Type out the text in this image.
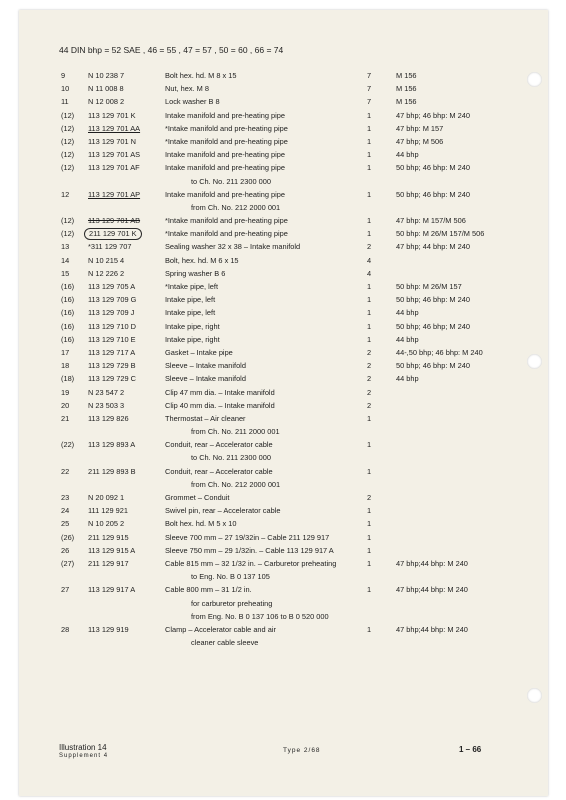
44 DIN bhp = 52 SAE , 46 = 55 , 47 = 57 , 50 = 60 , 66 = 74
9	N 10 238 7	Bolt hex. hd. M 8 x 15	7	M 156
10	N 11 008 8	Nut, hex. M 8	7	M 156
11	N 12 008 2	Lock washer B 8	7	M 156
(12) 113 129 701 K	Intake manifold and pre-heating pipe	1	47 bhp; 46 bhp: M 240
(12) 113 129 701 AA	*Intake manifold and pre-heating pipe	1	47 bhp: M 157
(12) 113 129 701 N	*Intake manifold and pre-heating pipe	1	47 bhp; M 506
(12) 113 129 701 AS	Intake manifold and pre-heating pipe	1	44 bhp
(12) 113 129 701 AF	Intake manifold and pre-heating pipe	1	50 bhp; 46 bhp: M 240
to Ch. No. 211 2300 000
12	113 129 701 AP	Intake manifold and pre-heating pipe	1	50 bhp; 46 bhp: M 240
from Ch. No. 212 2000 001
(12) 113 129 701 AB	*Intake manifold and pre-heating pipe	1	47 bhp: M 157/M 506
(12)	211 129 701 K	*Intake manifold and pre-heating pipe	1	50 bhp: M 26/M 157/M 506
13	*311 129 707	Sealing washer 32 x 38 – Intake manifold	2	47 bhp; 44 bhp: M 240
14	N 10 215 4	Bolt, hex. hd. M 6 x 15	4
15	N 12 226 2	Spring washer B 6	4
(16) 113 129 705 A	*Intake pipe, left	1	50 bhp: M 26/M 157
(16) 113 129 709 G	Intake pipe, left	1	50 bhp; 46 bhp: M 240
(16) 113 129 709 J	Intake pipe, left	1	44 bhp
(16) 113 129 710 D	Intake pipe, right	1	50 bhp; 46 bhp; M 240
(16) 113 129 710 E	Intake pipe, right	1	44 bhp
17	113 129 717 A	Gasket – Intake pipe	2	44-,50 bhp; 46 bhp: M 240
18	113 129 729 B	Sleeve – Intake manifold	2	50 bhp; 46 bhp: M 240
(18) 113 129 729 C	Sleeve – Intake manifold	2	44 bhp
19	N 23 547 2	Clip 47 mm dia. – Intake manifold	2
20	N 23 503 3	Clip 40 mm dia. – Intake manifold	2
21	113 129 826	Thermostat – Air cleaner	1
from Ch. No. 211 2000 001
(22) 113 129 893 A	Conduit, rear – Accelerator cable	1
to Ch. No. 211 2300 000
22	211 129 893 B	Conduit, rear – Accelerator cable	1
from Ch. No. 212 2000 001
23	N 20 092 1	Grommet – Conduit	2
24	111 129 921	Swivel pin, rear – Accelerator cable	1
25	N 10 205 2	Bolt hex. hd. M 5 x 10	1
(26) 211 129 915	Sleeve 700 mm – 27 19/32in – Cable 211 129 917	1
26	113 129 915 A	Sleeve 750 mm – 29 1/32in. – Cable 113 129 917 A	1
(27) 211 129 917	Cable 815 mm – 32 1/32 in. – Carburetor preheating	1	47 bhp;44 bhp: M 240
to Eng. No. B 0 137 105
27	113 129 917 A	Cable 800 mm – 31 1/2 in.	1	47 bhp;44 bhp: M 240
for carburetor preheating
from Eng. No. B 0 137 106 to B 0 520 000
28	113 129 919	Clamp – Accelerator cable and air	1	47 bhp;44 bhp: M 240
cleaner cable sleeve
Illustration 14
Supplement 4
Type 2/68	1 – 66
